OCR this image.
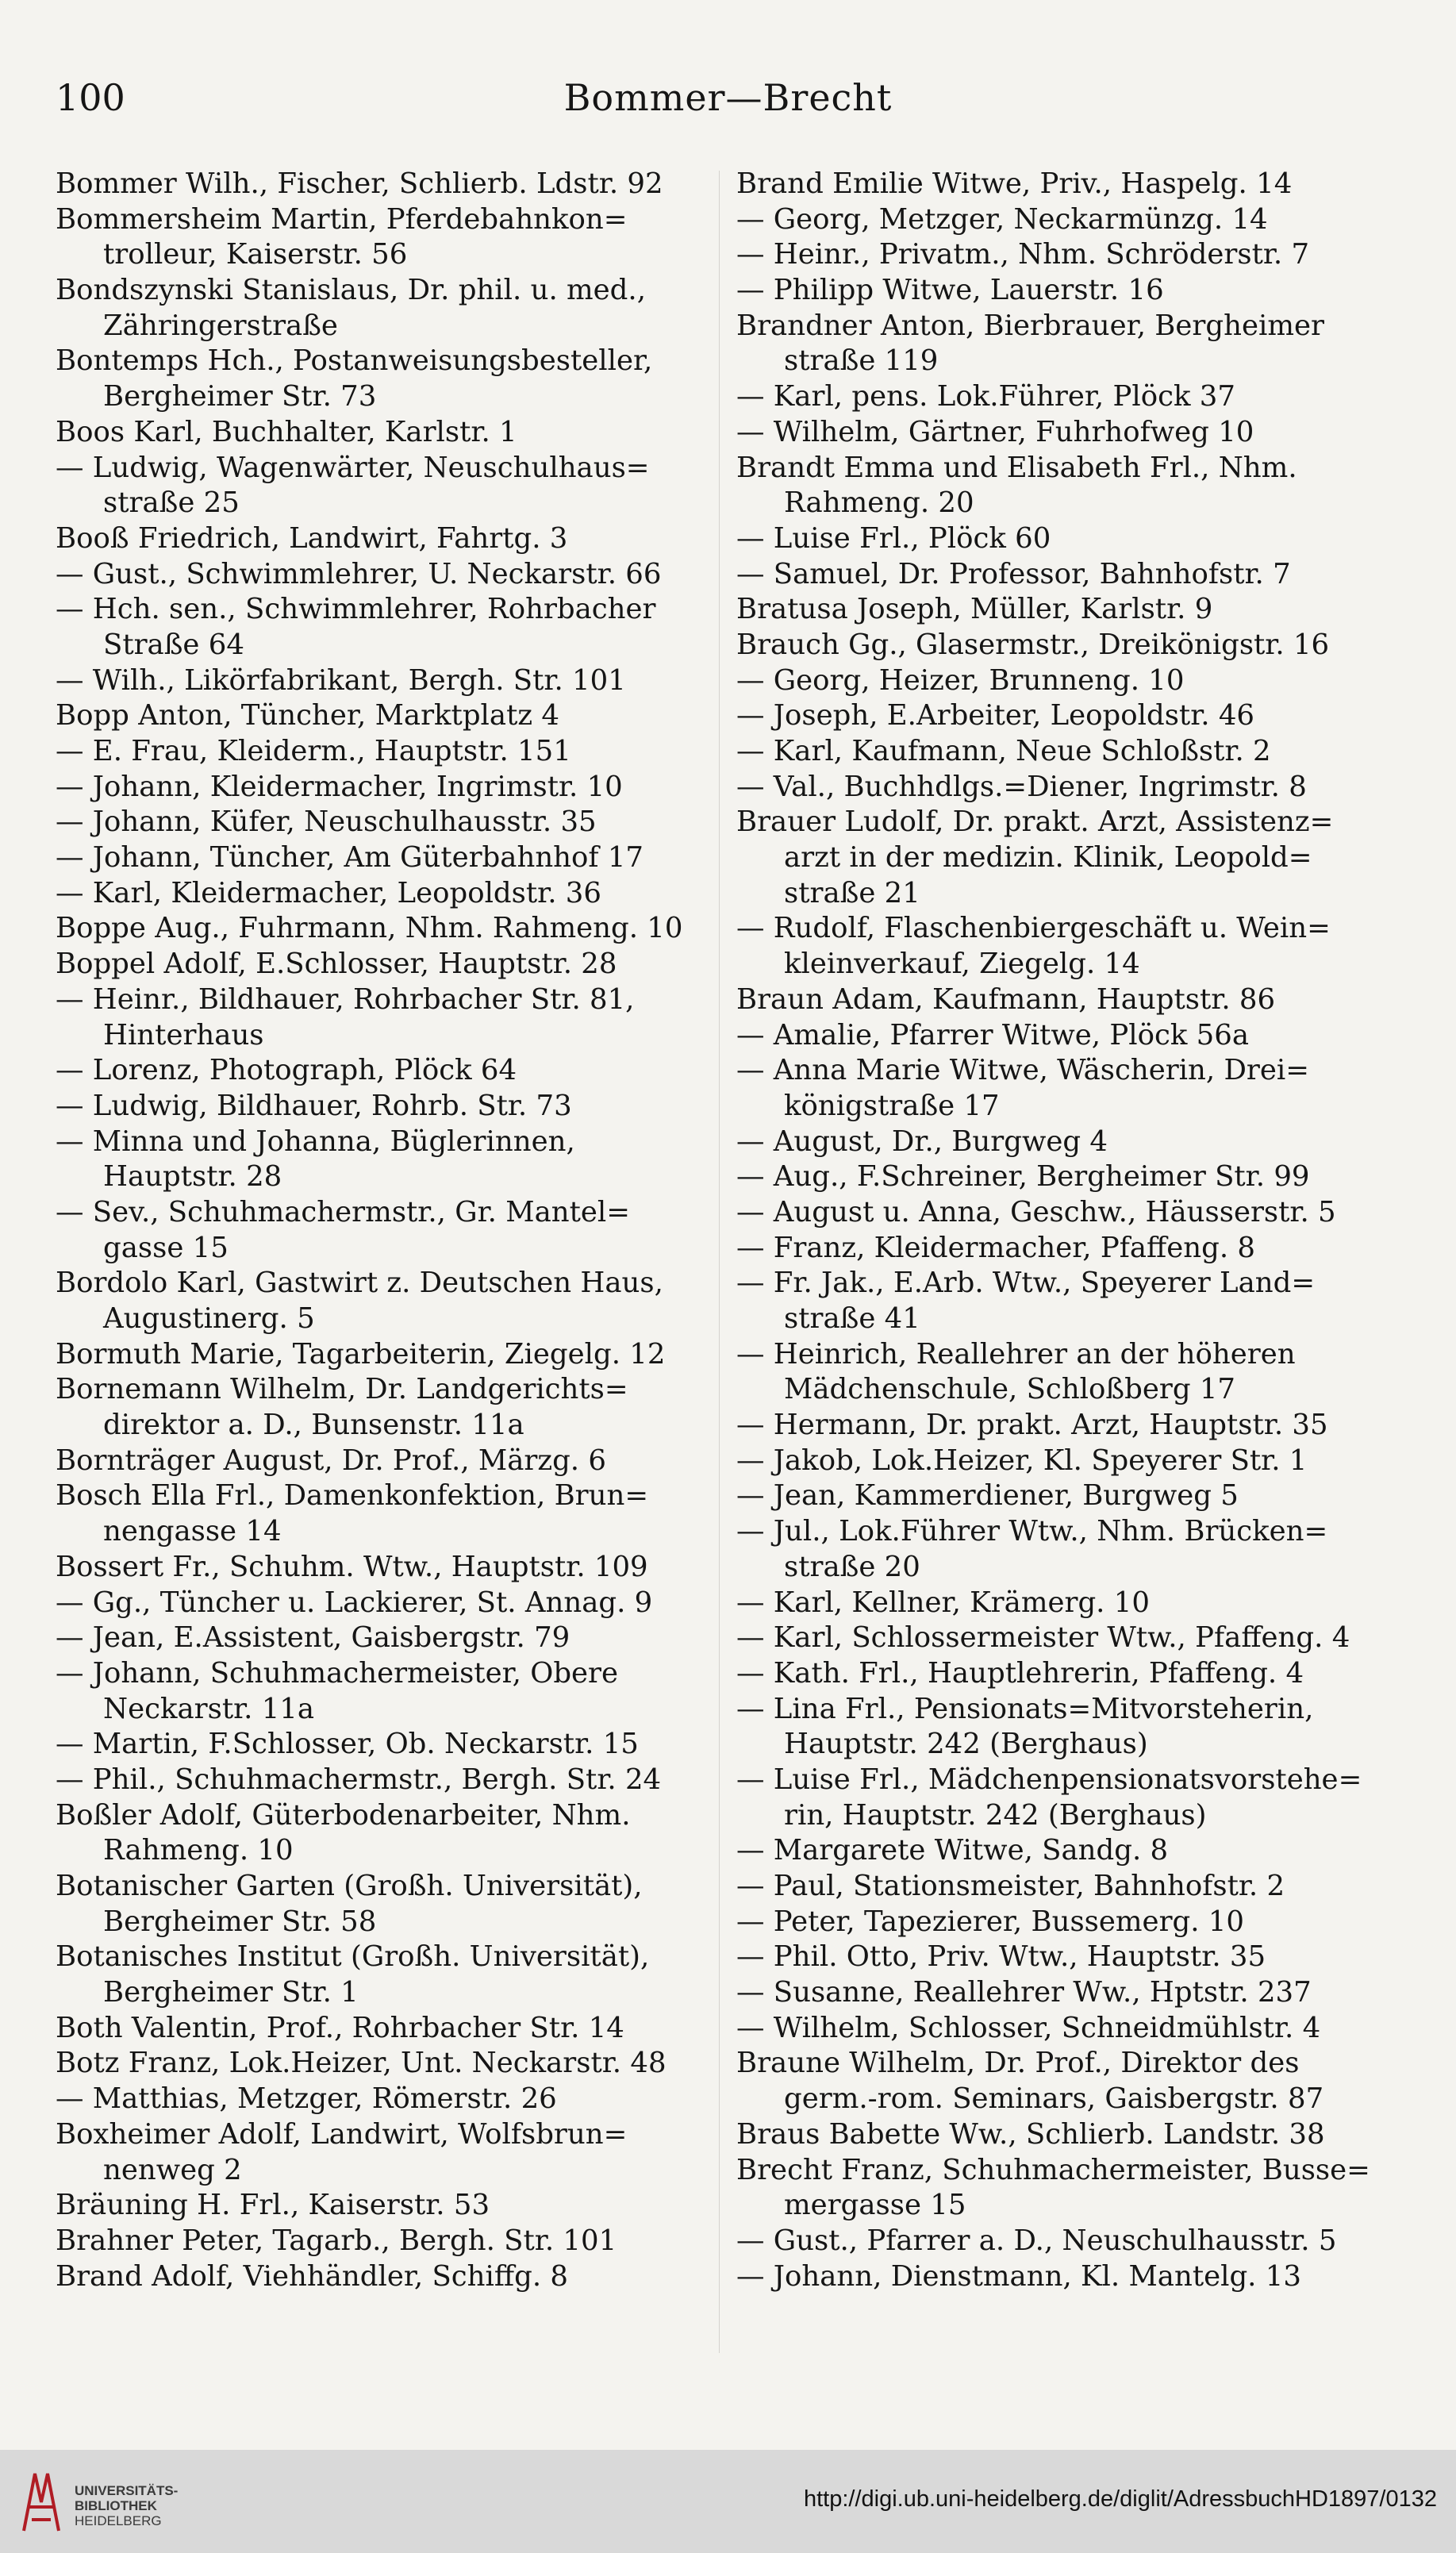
100	Bommer—Brecht
Bommer Wilh., Fischer, Schlierb. Ldstr. 92
Bommersheim Martin, Pferdebahnkon=
trolleur, Kaiserstr. 56
Bondszynski Stanislaus, Dr. phil. u. med.,
Zähringerstraße
Bontemps Hch., Postanweisungsbesteller,
Bergheimer Str. 73
Boos Karl, Buchhalter, Karlstr. 1
— Ludwig, Wagenwärter, Neuschulhaus=
straße 25
Booß Friedrich, Landwirt, Fahrtg. 3
— Gust., Schwimmlehrer, U. Neckarstr. 66
— Hch. sen., Schwimmlehrer, Rohrbacher
Straße 64
— Wilh., Likörfabrikant, Bergh. Str. 101
Bopp Anton, Tüncher, Marktplatz 4
— E. Frau, Kleiderm., Hauptstr. 151
— Johann, Kleidermacher, Ingrimstr. 10
— Johann, Küfer, Neuschulhausstr. 35
— Johann, Tüncher, Am Güterbahnhof 17
— Karl, Kleidermacher, Leopoldstr. 36
Boppe Aug., Fuhrmann, Nhm. Rahmeng. 10
Boppel Adolf, E.Schlosser, Hauptstr. 28
— Heinr., Bildhauer, Rohrbacher Str. 81,
Hinterhaus
— Lorenz, Photograph, Plöck 64
— Ludwig, Bildhauer, Rohrb. Str. 73
— Minna und Johanna, Büglerinnen,
Hauptstr. 28
— Sev., Schuhmachermstr., Gr. Mantel=
gasse 15
Bordolo Karl, Gastwirt z. Deutschen Haus,
Augustinerg. 5
Bormuth Marie, Tagarbeiterin, Ziegelg. 12
Bornemann Wilhelm, Dr. Landgerichts=
direktor a. D., Bunsenstr. 11a
Bornträger August, Dr. Prof., Märzg. 6
Bosch Ella Frl., Damenkonfektion, Brun=
nengasse 14
Bossert Fr., Schuhm. Wtw., Hauptstr. 109
— Gg., Tüncher u. Lackierer, St. Annag. 9
— Jean, E.Assistent, Gaisbergstr. 79
— Johann, Schuhmachermeister, Obere
Neckarstr. 11a
— Martin, F.Schlosser, Ob. Neckarstr. 15
— Phil., Schuhmachermstr., Bergh. Str. 24
Boßler Adolf, Güterbodenarbeiter, Nhm.
Rahmeng. 10
Botanischer Garten (Großh. Universität),
Bergheimer Str. 58
Botanisches Institut (Großh. Universität),
Bergheimer Str. 1
Both Valentin, Prof., Rohrbacher Str. 14
Botz Franz, Lok.Heizer, Unt. Neckarstr. 48
— Matthias, Metzger, Römerstr. 26
Boxheimer Adolf, Landwirt, Wolfsbrun=
nenweg 2
Bräuning H. Frl., Kaiserstr. 53
Brahner Peter, Tagarb., Bergh. Str. 101
Brand Adolf, Viehhändler, Schiffg. 8
Brand Emilie Witwe, Priv., Haspelg. 14
— Georg, Metzger, Neckarmünzg. 14
— Heinr., Privatm., Nhm. Schröderstr. 7
— Philipp Witwe, Lauerstr. 16
Brandner Anton, Bierbrauer, Bergheimer
straße 119
— Karl, pens. Lok.Führer, Plöck 37
— Wilhelm, Gärtner, Fuhrhofweg 10
Brandt Emma und Elisabeth Frl., Nhm.
Rahmeng. 20
— Luise Frl., Plöck 60
— Samuel, Dr. Professor, Bahnhofstr. 7
Bratusa Joseph, Müller, Karlstr. 9
Brauch Gg., Glasermstr., Dreikönigstr. 16
— Georg, Heizer, Brunneng. 10
— Joseph, E.Arbeiter, Leopoldstr. 46
— Karl, Kaufmann, Neue Schloßstr. 2
— Val., Buchhdlgs.=Diener, Ingrimstr. 8
Brauer Ludolf, Dr. prakt. Arzt, Assistenz=
arzt in der medizin. Klinik, Leopold=
straße 21
— Rudolf, Flaschenbiergeschäft u. Wein=
kleinverkauf, Ziegelg. 14
Braun Adam, Kaufmann, Hauptstr. 86
— Amalie, Pfarrer Witwe, Plöck 56a
— Anna Marie Witwe, Wäscherin, Drei=
königstraße 17
— August, Dr., Burgweg 4
— Aug., F.Schreiner, Bergheimer Str. 99
— August u. Anna, Geschw., Häusserstr. 5
— Franz, Kleidermacher, Pfaffeng. 8
— Fr. Jak., E.Arb. Wtw., Speyerer Land=
straße 41
— Heinrich, Reallehrer an der höheren
Mädchenschule, Schloßberg 17
— Hermann, Dr. prakt. Arzt, Hauptstr. 35
— Jakob, Lok.Heizer, Kl. Speyerer Str. 1
— Jean, Kammerdiener, Burgweg 5
— Jul., Lok.Führer Wtw., Nhm. Brücken=
straße 20
— Karl, Kellner, Krämerg. 10
— Karl, Schlossermeister Wtw., Pfaffeng. 4
— Kath. Frl., Hauptlehrerin, Pfaffeng. 4
— Lina Frl., Pensionats=Mitvorsteherin,
Hauptstr. 242 (Berghaus)
— Luise Frl., Mädchenpensionatsvorstehe=
rin, Hauptstr. 242 (Berghaus)
— Margarete Witwe, Sandg. 8
— Paul, Stationsmeister, Bahnhofstr. 2
— Peter, Tapezierer, Bussemerg. 10
— Phil. Otto, Priv. Wtw., Hauptstr. 35
— Susanne, Reallehrer Ww., Hptstr. 237
— Wilhelm, Schlosser, Schneidmühlstr. 4
Braune Wilhelm, Dr. Prof., Direktor des
germ.-rom. Seminars, Gaisbergstr. 87
Braus Babette Ww., Schlierb. Landstr. 38
Brecht Franz, Schuhmachermeister, Busse=
mergasse 15
— Gust., Pfarrer a. D., Neuschulhausstr. 5
— Johann, Dienstmann, Kl. Mantelg. 13
UNIVERSITÄTS-
BIBLIOTHEK
HEIDELBERG
http://digi.ub.uni-heidelberg.de/diglit/AdressbuchHD1897/0132
